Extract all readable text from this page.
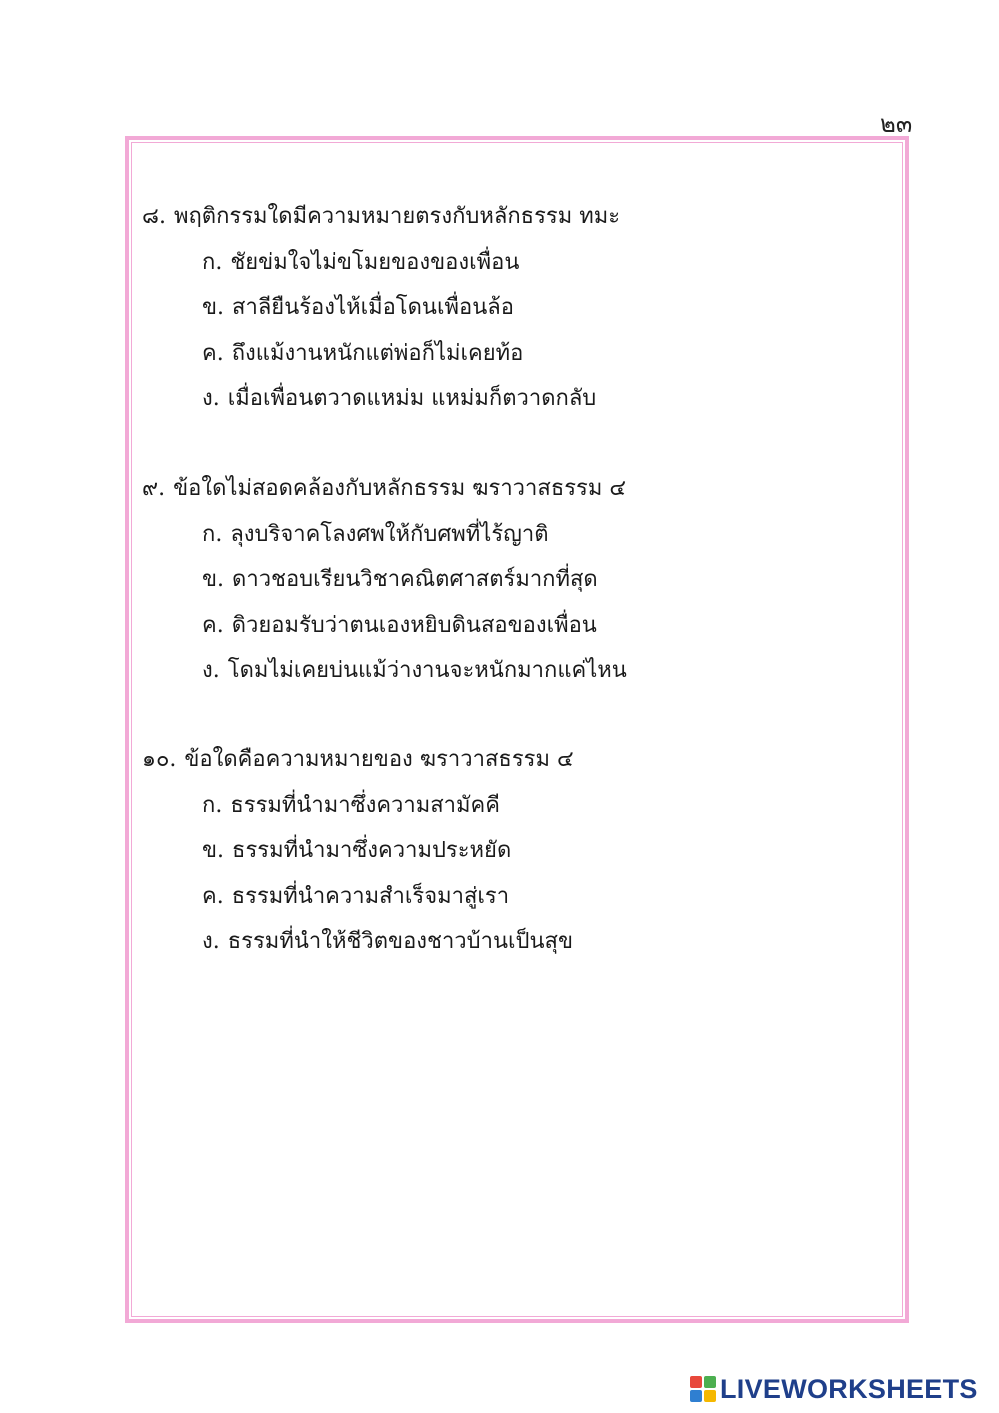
๒๓
๘. พฤติกรรมใดมีความหมายตรงกับหลักธรรม ทมะ
ก. ชัยข่มใจไม่ขโมยของของเพื่อน
ข. สาลียืนร้องไห้เมื่อโดนเพื่อนล้อ
ค. ถึงแม้งานหนักแต่พ่อก็ไม่เคยท้อ
ง. เมื่อเพื่อนตวาดแหม่ม แหม่มก็ตวาดกลับ
๙. ข้อใดไม่สอดคล้องกับหลักธรรม ฆราวาสธรรม ๔
ก. ลุงบริจาคโลงศพให้กับศพที่ไร้ญาติ
ข. ดาวชอบเรียนวิชาคณิตศาสตร์มากที่สุด
ค. ดิวยอมรับว่าตนเองหยิบดินสอของเพื่อน
ง. โดมไม่เคยบ่นแม้ว่างานจะหนักมากแค่ไหน
๑๐. ข้อใดคือความหมายของ ฆราวาสธรรม ๔
ก. ธรรมที่นำมาซึ่งความสามัคคี
ข. ธรรมที่นำมาซึ่งความประหยัด
ค. ธรรมที่นำความสำเร็จมาสู่เรา
ง. ธรรมที่นำให้ชีวิตของชาวบ้านเป็นสุข
LIVEWORKSHEETS
